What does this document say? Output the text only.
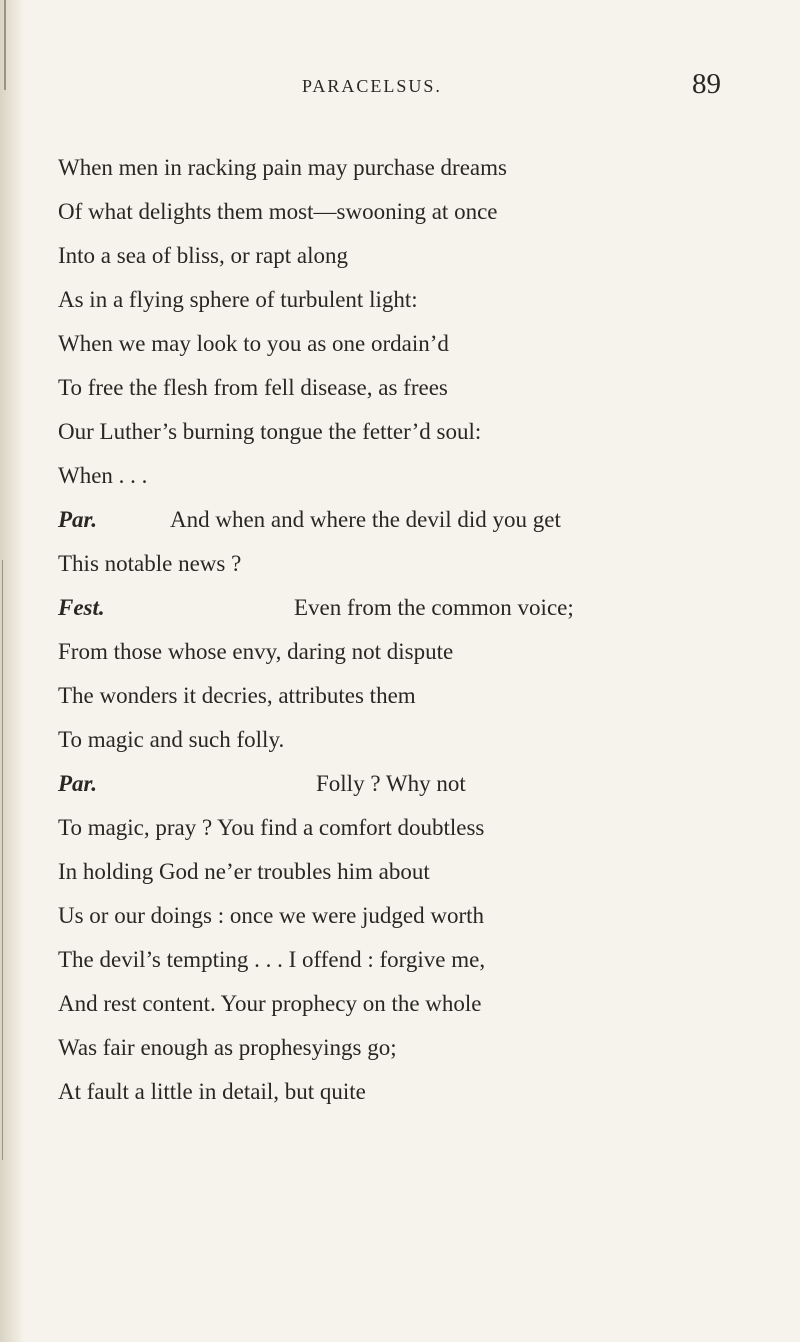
PARACELSUS.	89
When men in racking pain may purchase dreams
Of what delights them most—swooning at once
Into a sea of bliss, or rapt along
As in a flying sphere of turbulent light:
When we may look to you as one ordain’d
To free the flesh from fell disease, as frees
Our Luther’s burning tongue the fetter’d soul:
When . . .
Par.	And when and where the devil did you get
This notable news ?
Fest.	Even from the common voice;
From those whose envy, daring not dispute
The wonders it decries, attributes them
To magic and such folly.
Par.	Folly ? Why not
To magic, pray ? You find a comfort doubtless
In holding God ne’er troubles him about
Us or our doings : once we were judged worth
The devil’s tempting . . . I offend : forgive me,
And rest content. Your prophecy on the whole
Was fair enough as prophesyings go;
At fault a little in detail, but quite
